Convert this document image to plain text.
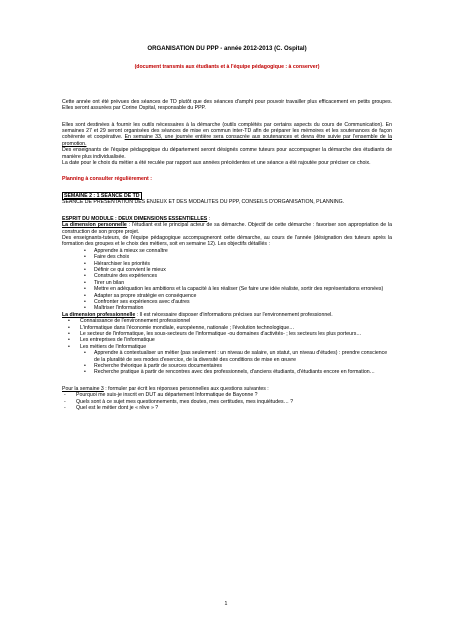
ORGANISATION DU PPP - année 2012-2013 (C. Ospital)
(document transmis aux étudiants et à l'équipe pédagogique : à conserver)

Cette année ont été prévues des séances de TD plutôt que des séances d'amphi pour pouvoir travailler plus efficacement en petits groupes. Elles seront assurées par Corine Ospital, responsable du PPP.

Elles sont destinées à fournir les outils nécessaires à la démarche (outils complétés par certains aspects du cours de Communication). En semaines 27 et 29 seront organisées des séances de mise en commun inter-TD afin de préparer les mémoires et les soutenances de façon cohérente et coopérative. En semaine 33, une journée entière sera consacrée aux soutenances et devra être suivie par l'ensemble de la promotion.

Des enseignants de l'équipe pédagogique du département seront désignés comme tuteurs pour accompagner la démarche des étudiants de manière plus individualisée.

La date pour le choix du métier a été reculée par rapport aux années précédentes et une séance a été rajoutée pour préciser ce choix.

Planning à consulter régulièrement :

SEMAINE 2 : 1 SEANCE DE TD

SEANCE DE PRESENTATION DES ENJEUX ET DES MODALITES DU PPP, CONSEILS D'ORGANISATION, PLANNING.

ESPRIT DU MODULE : DEUX DIMENSIONS ESSENTIELLES :

La dimension personnelle : l'étudiant est le principal acteur de sa démarche. Objectif de cette démarche : favoriser son appropriation de la construction de son propre projet.

Des enseignants-tuteurs, de l'équipe pédagogique accompagneront cette démarche, au cours de l'année (désignation des tuteurs après la formation des groupes et le choix des métiers, soit en semaine 12). Les objectifs détaillés :

• Apprendre à mieux se connaître
• Faire des choix
• Hiérarchiser les priorités
• Définir ce qui convient le mieux
• Construire des expériences
• Tirer un bilan
• Mettre en adéquation les ambitions et la capacité à les réaliser (Se faire une idée réaliste, sortir des représentations erronées)
• Adapter sa propre stratégie en conséquence
• Confronter ses expériences avec d'autres
• Maîtriser l'information

La dimension professionnelle : Il est nécessaire disposer d'informations précises sur l'environnement professionnel.

• Connaissance de l'environnement professionnel
• L'informatique dans l'économie mondiale, européenne, nationale ; l'évolution technologique…
• Le secteur de l'informatique, les sous-secteurs de l'informatique -ou domaines d'activités- ; les secteurs les plus porteurs…
• Les entreprises de l'informatique
• Les métiers de l'informatique
• Apprendre à contextualiser un métier (pas seulement : un niveau de salaire, un statut, un niveau d'études) : prendre conscience de la pluralité de ses modes d'exercice, de la diversité des conditions de mise en œuvre
• Recherche théorique à partir de sources documentaires
• Recherche pratique à partir de rencontres avec des professionnels, d'anciens étudiants, d'étudiants encore en formation…

Pour la semaine 3 : formuler par écrit les réponses personnelles aux questions suivantes :

- Pourquoi me suis-je inscrit en DUT au département Informatique de Bayonne ?
- Quels sont à ce sujet mes questionnements, mes doutes, mes certitudes, mes inquiétudes… ?
- Quel est le métier dont je « rêve » ?
1
